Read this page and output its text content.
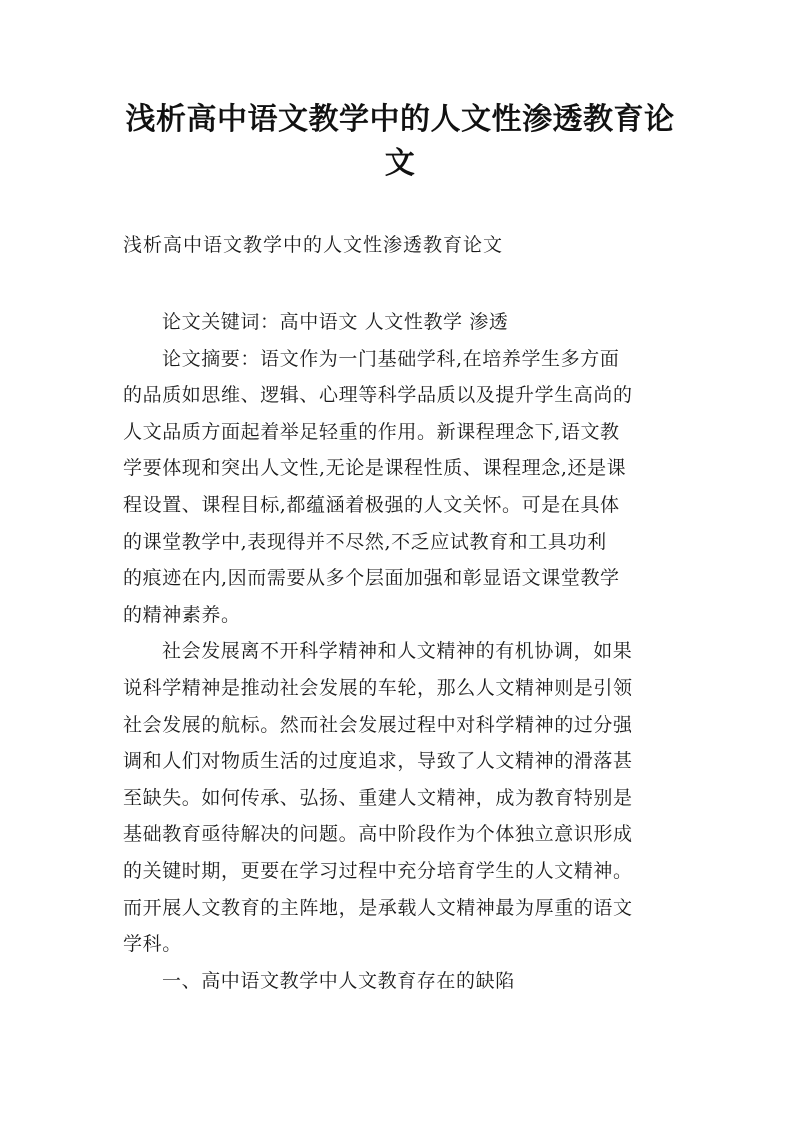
浅析高中语文教学中的人文性渗透教育论
文
浅析高中语文教学中的人文性渗透教育论文

论文关键词：高中语文 人文性教学 渗透

论文摘要：语文作为一门基础学科,在培养学生多方面
的品质如思维、逻辑、心理等科学品质以及提升学生高尚的
人文品质方面起着举足轻重的作用。新课程理念下,语文教
学要体现和突出人文性,无论是课程性质、课程理念,还是课
程设置、课程目标,都蕴涵着极强的人文关怀。可是在具体
的课堂教学中,表现得并不尽然,不乏应试教育和工具功利
的痕迹在内,因而需要从多个层面加强和彰显语文课堂教学
的精神素养。

社会发展离不开科学精神和人文精神的有机协调，如果
说科学精神是推动社会发展的车轮，那么人文精神则是引领
社会发展的航标。然而社会发展过程中对科学精神的过分强
调和人们对物质生活的过度追求，导致了人文精神的滑落甚
至缺失。如何传承、弘扬、重建人文精神，成为教育特别是
基础教育亟待解决的问题。高中阶段作为个体独立意识形成
的关键时期，更要在学习过程中充分培育学生的人文精神。
而开展人文教育的主阵地，是承载人文精神最为厚重的语文
学科。

一、高中语文教学中人文教育存在的缺陷
